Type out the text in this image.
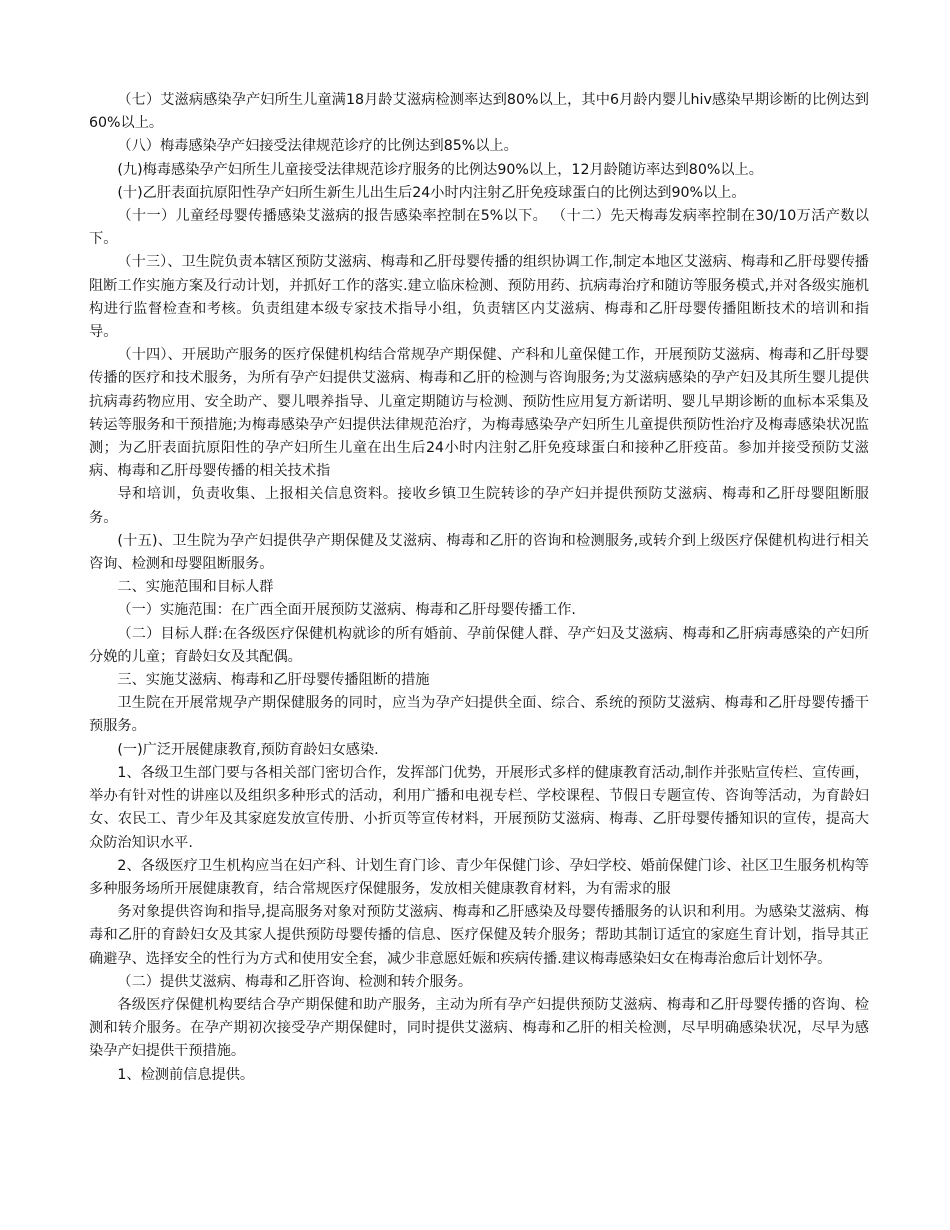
（七）艾滋病感染孕产妇所生儿童满18月龄艾滋病检测率达到80%以上，其中6月龄内婴儿hiv感染早期诊断的比例达到60%以上。

（八）梅毒感染孕产妇接受法律规范诊疗的比例达到85%以上。

(九)梅毒感染孕产妇所生儿童接受法律规范诊疗服务的比例达90%以上，12月龄随访率达到80%以上。

(十)乙肝表面抗原阳性孕产妇所生新生儿出生后24小时内注射乙肝免疫球蛋白的比例达到90%以上。

（十一）儿童经母婴传播感染艾滋病的报告感染率控制在5%以下。 （十二）先天梅毒发病率控制在30/10万活产数以下。

（十三）、卫生院负责本辖区预防艾滋病、梅毒和乙肝母婴传播的组织协调工作,制定本地区艾滋病、梅毒和乙肝母婴传播阻断工作实施方案及行动计划，并抓好工作的落实.建立临床检测、预防用药、抗病毒治疗和随访等服务模式,并对各级实施机构进行监督检查和考核。负责组建本级专家技术指导小组，负责辖区内艾滋病、梅毒和乙肝母婴传播阻断技术的培训和指导。

（十四）、开展助产服务的医疗保健机构结合常规孕产期保健、产科和儿童保健工作，开展预防艾滋病、梅毒和乙肝母婴传播的医疗和技术服务，为所有孕产妇提供艾滋病、梅毒和乙肝的检测与咨询服务;为艾滋病感染的孕产妇及其所生婴儿提供抗病毒药物应用、安全助产、婴儿喂养指导、儿童定期随访与检测、预防性应用复方新诺明、婴儿早期诊断的血标本采集及转运等服务和干预措施;为梅毒感染孕产妇提供法律规范治疗，为梅毒感染孕产妇所生儿童提供预防性治疗及梅毒感染状况监测；为乙肝表面抗原阳性的孕产妇所生儿童在出生后24小时内注射乙肝免疫球蛋白和接种乙肝疫苗。参加并接受预防艾滋病、梅毒和乙肝母婴传播的相关技术指

导和培训，负责收集、上报相关信息资料。接收乡镇卫生院转诊的孕产妇并提供预防艾滋病、梅毒和乙肝母婴阻断服务。

(十五)、卫生院为孕产妇提供孕产期保健及艾滋病、梅毒和乙肝的咨询和检测服务,或转介到上级医疗保健机构进行相关咨询、检测和母婴阻断服务。

二、实施范围和目标人群

（一）实施范围：在广西全面开展预防艾滋病、梅毒和乙肝母婴传播工作.

（二）目标人群:在各级医疗保健机构就诊的所有婚前、孕前保健人群、孕产妇及艾滋病、梅毒和乙肝病毒感染的产妇所分娩的儿童；育龄妇女及其配偶。

三、实施艾滋病、梅毒和乙肝母婴传播阻断的措施

卫生院在开展常规孕产期保健服务的同时，应当为孕产妇提供全面、综合、系统的预防艾滋病、梅毒和乙肝母婴传播干预服务。

(一)广泛开展健康教育,预防育龄妇女感染.

1、各级卫生部门要与各相关部门密切合作，发挥部门优势，开展形式多样的健康教育活动,制作并张贴宣传栏、宣传画，举办有针对性的讲座以及组织多种形式的活动，利用广播和电视专栏、学校课程、节假日专题宣传、咨询等活动，为育龄妇女、农民工、青少年及其家庭发放宣传册、小折页等宣传材料，开展预防艾滋病、梅毒、乙肝母婴传播知识的宣传，提高大众防治知识水平.

2、各级医疗卫生机构应当在妇产科、计划生育门诊、青少年保健门诊、孕妇学校、婚前保健门诊、社区卫生服务机构等多种服务场所开展健康教育，结合常规医疗保健服务，发放相关健康教育材料，为有需求的服

务对象提供咨询和指导,提高服务对象对预防艾滋病、梅毒和乙肝感染及母婴传播服务的认识和利用。为感染艾滋病、梅毒和乙肝的育龄妇女及其家人提供预防母婴传播的信息、医疗保健及转介服务；帮助其制订适宜的家庭生育计划，指导其正确避孕、选择安全的性行为方式和使用安全套，减少非意愿妊娠和疾病传播.建议梅毒感染妇女在梅毒治愈后计划怀孕。

（二）提供艾滋病、梅毒和乙肝咨询、检测和转介服务。

各级医疗保健机构要结合孕产期保健和助产服务，主动为所有孕产妇提供预防艾滋病、梅毒和乙肝母婴传播的咨询、检测和转介服务。在孕产期初次接受孕产期保健时，同时提供艾滋病、梅毒和乙肝的相关检测，尽早明确感染状况，尽早为感染孕产妇提供干预措施。

1、检测前信息提供。
